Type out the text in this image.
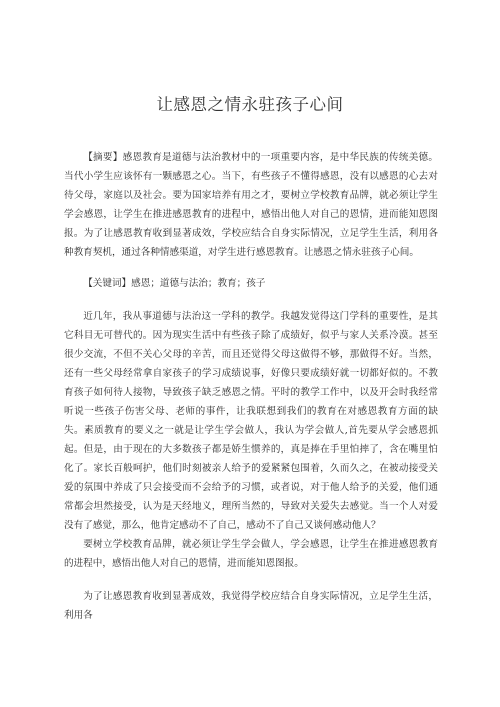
让感恩之情永驻孩子心间

【摘要】感恩教育是道德与法治教材中的一项重要内容，是中华民族的传统美德。当代小学生应该怀有一颗感恩之心。当下，有些孩子不懂得感恩，没有以感恩的心去对待父母，家庭以及社会。要为国家培养有用之才，要树立学校教育品牌，就必须让学生学会感恩，让学生在推进感恩教育的进程中，感悟出他人对自己的恩情，进而能知恩图报。为了让感恩教育收到显著成效，学校应结合自身实际情况，立足学生生活，利用各种教育契机，通过各种情感渠道，对学生进行感恩教育。让感恩之情永驻孩子心间。

【关键词】感恩；道德与法治；教育；孩子

近几年，我从事道德与法治这一学科的教学。我越发觉得这门学科的重要性，是其它科目无可替代的。因为现实生活中有些孩子除了成绩好，似乎与家人关系冷漠。甚至很少交流，不但不关心父母的辛苦，而且还觉得父母这做得不够，那做得不好。当然，还有一些父母经常拿自家孩子的学习成绩说事，好像只要成绩好就一切都好似的。不教育孩子如何待人接物，导致孩子缺乏感恩之情。平时的教学工作中，以及开会时我经常听说一些孩子伤害父母、老师的事件，让我联想到我们的教育在对感恩教育方面的缺失。素质教育的要义之一就是让学生学会做人，我认为学会做人,首先要从学会感恩抓起。但是，由于现在的大多数孩子都是娇生惯养的，真是捧在手里怕摔了，含在嘴里怕化了。家长百般呵护，他们时刻被亲人给予的爱紧紧包围着，久而久之，在被动接受关爱的氛围中养成了只会接受而不会给予的习惯，或者说，对于他人给予的关爱，他们通常都会坦然接受，认为是天经地义，理所当然的，导致对关爱失去感觉。当一个人对爱没有了感觉，那么，他肯定感动不了自己，感动不了自己又谈何感动他人？

要树立学校教育品牌，就必须让学生学会做人，学会感恩，让学生在推进感恩教育的进程中，感悟出他人对自己的恩情，进而能知恩图报。

为了让感恩教育收到显著成效，我觉得学校应结合自身实际情况，立足学生生活，利用各
